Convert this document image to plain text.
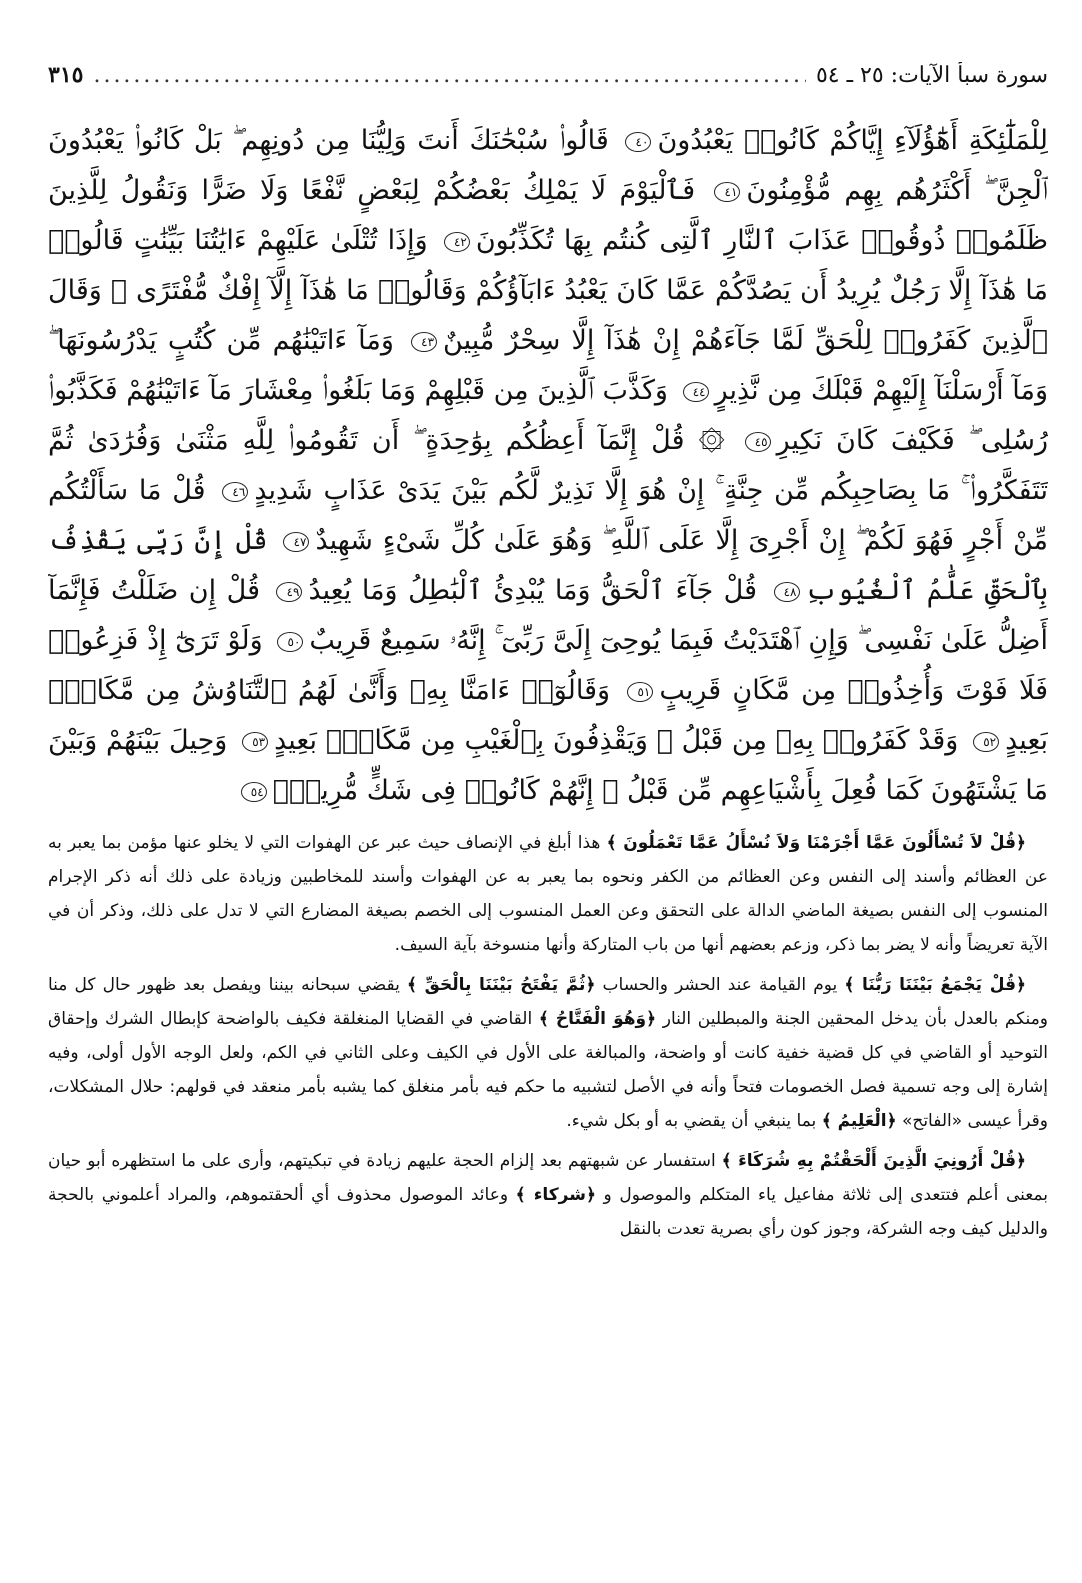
سورة سبأ الآيات: ٢٥ ـ ٥٤
.....
٣١٥
لِلْمَلَٰٓئِكَةِ أَهَٰٓؤُلَآءِ إِيَّاكُمْ كَانُوا۟ يَعْبُدُونَ٤٠ قَالُوا۟ سُبْحَٰنَكَ أَنتَ وَلِيُّنَا مِن دُونِهِم ۖ بَلْ كَانُوا۟ يَعْبُدُونَ ٱلْجِنَّ ۖ أَكْثَرُهُم بِهِم مُّؤْمِنُونَ٤١ فَٱلْيَوْمَ لَا يَمْلِكُ بَعْضُكُمْ لِبَعْضٍ نَّفْعًا وَلَا ضَرًّا وَنَقُولُ لِلَّذِينَ ظَلَمُوا۟ ذُوقُوا۟ عَذَابَ ٱلنَّارِ ٱلَّتِى كُنتُم بِهَا تُكَذِّبُونَ٤٢ وَإِذَا تُتْلَىٰ عَلَيْهِمْ ءَايَٰتُنَا بَيِّنَٰتٍ قَالُوا۟ مَا هَٰذَآ إِلَّا رَجُلٌ يُرِيدُ أَن يَصُدَّكُمْ عَمَّا كَانَ يَعْبُدُ ءَابَآؤُكُمْ وَقَالُوا۟ مَا هَٰذَآ إِلَّآ إِفْكٌ مُّفْتَرًى ۚ وَقَالَ ٱلَّذِينَ كَفَرُوا۟ لِلْحَقِّ لَمَّا جَآءَهُمْ إِنْ هَٰذَآ إِلَّا سِحْرٌ مُّبِينٌ٤٣ وَمَآ ءَاتَيْنَٰهُم مِّن كُتُبٍ يَدْرُسُونَهَا ۖ وَمَآ أَرْسَلْنَآ إِلَيْهِمْ قَبْلَكَ مِن نَّذِيرٍ٤٤ وَكَذَّبَ ٱلَّذِينَ مِن قَبْلِهِمْ وَمَا بَلَغُوا۟ مِعْشَارَ مَآ ءَاتَيْنَٰهُمْ فَكَذَّبُوا۟ رُسُلِى ۖ فَكَيْفَ كَانَ نَكِيرِ٤٥ ۞ قُلْ إِنَّمَآ أَعِظُكُم بِوَٰحِدَةٍ ۖ أَن تَقُومُوا۟ لِلَّهِ مَثْنَىٰ وَفُرَٰدَىٰ ثُمَّ تَتَفَكَّرُوا۟ ۚ مَا بِصَاحِبِكُم مِّن جِنَّةٍ ۚ إِنْ هُوَ إِلَّا نَذِيرٌ لَّكُم بَيْنَ يَدَىْ عَذَابٍ شَدِيدٍ٤٦ قُلْ مَا سَأَلْتُكُم مِّنْ أَجْرٍ فَهُوَ لَكُمْ ۖ إِنْ أَجْرِىَ إِلَّا عَلَى ٱللَّهِ ۖ وَهُوَ عَلَىٰ كُلِّ شَىْءٍ شَهِيدٌ٤٧ قُلْ إِنَّ رَبِّى يَقْذِفُ بِٱلْحَقِّ عَلَّٰمُ ٱلْغُيُوبِ٤٨ قُلْ جَآءَ ٱلْحَقُّ وَمَا يُبْدِئُ ٱلْبَٰطِلُ وَمَا يُعِيدُ٤٩ قُلْ إِن ضَلَلْتُ فَإِنَّمَآ أَضِلُّ عَلَىٰ نَفْسِى ۖ وَإِنِ ٱهْتَدَيْتُ فَبِمَا يُوحِىٓ إِلَىَّ رَبِّىٓ ۚ إِنَّهُۥ سَمِيعٌ قَرِيبٌ٥٠ وَلَوْ تَرَىٰٓ إِذْ فَزِعُوا۟ فَلَا فَوْتَ وَأُخِذُوا۟ مِن مَّكَانٍ قَرِيبٍ٥١ وَقَالُوٓا۟ ءَامَنَّا بِهِۦ وَأَنَّىٰ لَهُمُ ٱلتَّنَاوُشُ مِن مَّكَانٍۭ بَعِيدٍ٥٢ وَقَدْ كَفَرُوا۟ بِهِۦ مِن قَبْلُ ۖ وَيَقْذِفُونَ بِٱلْغَيْبِ مِن مَّكَانٍۭ بَعِيدٍ٥٣ وَحِيلَ بَيْنَهُمْ وَبَيْنَ مَا يَشْتَهُونَ كَمَا فُعِلَ بِأَشْيَاعِهِم مِّن قَبْلُ ۚ إِنَّهُمْ كَانُوا۟ فِى شَكٍّ مُّرِيبٍۭ٥٤

﴿قُلْ لاَ تُسْأَلُونَ عَمَّا أَجْرَمْنَا وَلاَ نُسْأَلُ عَمَّا تَعْمَلُونَ ﴾ هذا أبلغ في الإنصاف حيث عبر عن الهفوات التي لا يخلو عنها مؤمن بما يعبر به عن العظائم وأسند إلى النفس وعن العظائم من الكفر ونحوه بما يعبر به عن الهفوات وأسند للمخاطبين وزيادة على ذلك أنه ذكر الإجرام المنسوب إلى النفس بصيغة الماضي الدالة على التحقق وعن العمل المنسوب إلى الخصم بصيغة المضارع التي لا تدل على ذلك، وذكر أن في الآية تعريضاً وأنه لا يضر بما ذكر، وزعم بعضهم أنها من باب المتاركة وأنها منسوخة بآية السيف.

﴿قُلْ يَجْمَعُ بَيْنَنَا رَبُّنَا ﴾ يوم القيامة عند الحشر والحساب ﴿ثُمَّ يَفْتَحُ بَيْنَنَا بِالْحَقِّ ﴾ يقضي سبحانه بيننا ويفصل بعد ظهور حال كل منا ومنكم بالعدل بأن يدخل المحقين الجنة والمبطلين النار ﴿وَهُوَ الْفَتَّاحُ ﴾ القاضي في القضايا المنغلقة فكيف بالواضحة كإبطال الشرك وإحقاق التوحيد أو القاضي في كل قضية خفية كانت أو واضحة، والمبالغة على الأول في الكيف وعلى الثاني في الكم، ولعل الوجه الأول أولى، وفيه إشارة إلى وجه تسمية فصل الخصومات فتحاً وأنه في الأصل لتشبيه ما حكم فيه بأمر منغلق كما يشبه بأمر منعقد في قولهم: حلال المشكلات، وقرأ عيسى «الفاتح» ﴿الْعَلِيمُ ﴾ بما ينبغي أن يقضي به أو بكل شيء.

﴿قُلْ أَرُونِيَ الَّذِينَ أَلْحَقْتُمْ بِهِ شُرَكَاءَ ﴾ استفسار عن شبهتهم بعد إلزام الحجة عليهم زيادة في تبكيتهم، وأرى على ما استظهره أبو حيان بمعنى أعلم فتتعدى إلى ثلاثة مفاعيل ياء المتكلم والموصول و ﴿شركاء ﴾ وعائد الموصول محذوف أي ألحقتموهم، والمراد أعلموني بالحجة والدليل كيف وجه الشركة، وجوز كون رأي بصرية تعدت بالنقل
